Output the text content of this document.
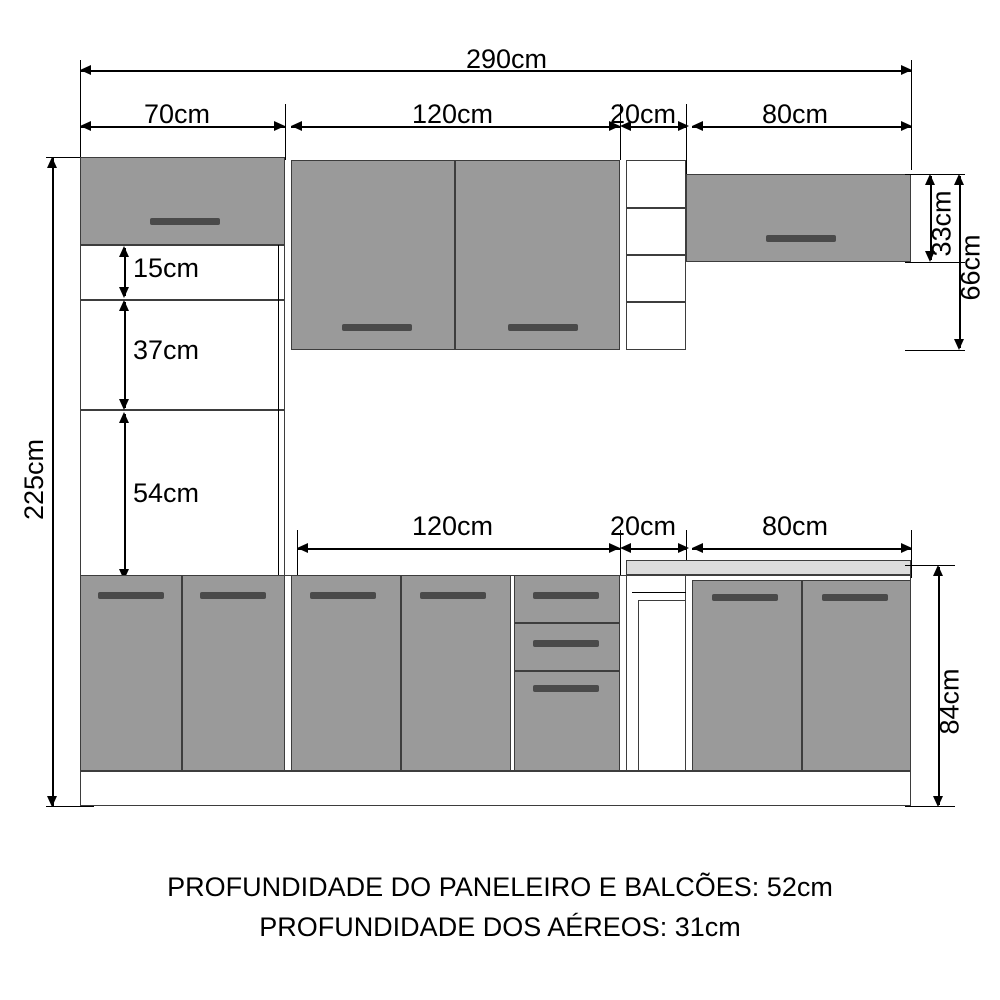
290cm
70cm	120cm	20cm	80cm
225cm
15cm
37cm
54cm
33cm
66cm
120cm	20cm	80cm
84cm
PROFUNDIDADE DO PANELEIRO E BALCÕES: 52cm
PROFUNDIDADE DOS AÉREOS: 31cm
